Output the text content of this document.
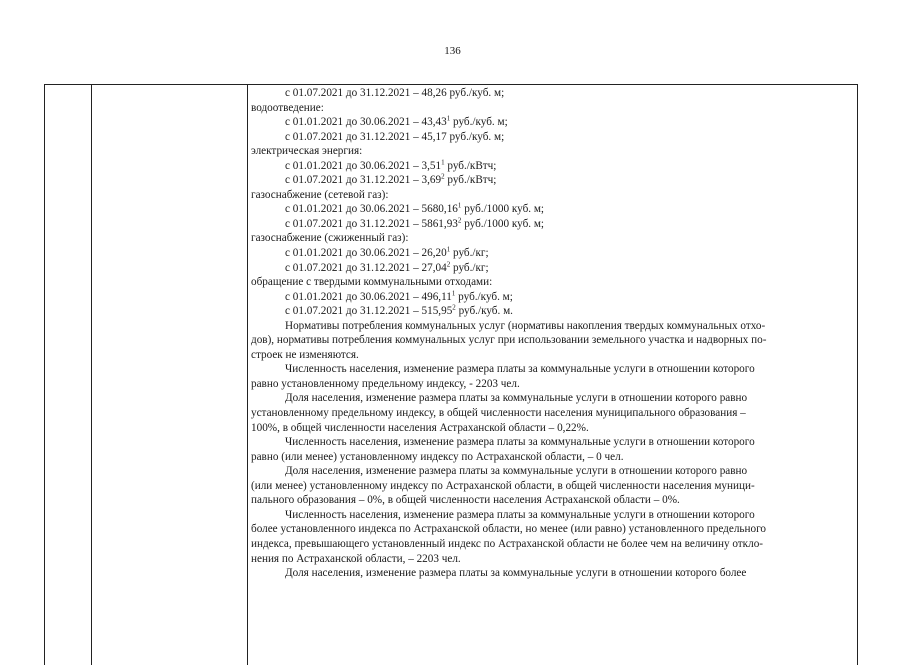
136
с 01.07.2021 до 31.12.2021 – 48,26 руб./куб. м;
водоотведение:
с 01.01.2021 до 30.06.2021 – 43,43$^1$ руб./куб. м;
с 01.07.2021 до 31.12.2021 – 45,17 руб./куб. м;
электрическая энергия:
с 01.01.2021 до 30.06.2021 – 3,51$^1$ руб./кВтч;
с 01.07.2021 до 31.12.2021 – 3,69$^2$ руб./кВтч;
газоснабжение (сетевой газ):
с 01.01.2021 до 30.06.2021 – 5680,16$^1$ руб./1000 куб. м;
с 01.07.2021 до 31.12.2021 – 5861,93$^2$ руб./1000 куб. м;
газоснабжение (сжиженный газ):
с 01.01.2021 до 30.06.2021 – 26,20$^1$ руб./кг;
с 01.07.2021 до 31.12.2021 – 27,04$^2$ руб./кг;
обращение с твердыми коммунальными отходами:
с 01.01.2021 до 30.06.2021 – 496,11$^1$ руб./куб. м;
с 01.07.2021 до 31.12.2021 – 515,95$^2$ руб./куб. м.
Нормативы потребления коммунальных услуг (нормативы накопления твердых коммунальных отхо-
дов), нормативы потребления коммунальных услуг при использовании земельного участка и надворных по-
строек не изменяются.
Численность населения, изменение размера платы за коммунальные услуги в отношении которого
равно установленному предельному индексу, - 2203 чел.
Доля населения, изменение размера платы за коммунальные услуги в отношении которого равно
установленному предельному индексу, в общей численности населения муниципального образования –
100%, в общей численности населения Астраханской области – 0,22%.
Численность населения, изменение размера платы за коммунальные услуги в отношении которого
равно (или менее) установленному индексу по Астраханской области, – 0 чел.
Доля населения, изменение размера платы за коммунальные услуги в отношении которого равно
(или менее) установленному индексу по Астраханской области, в общей численности населения муници-
пального образования – 0%, в общей численности населения Астраханской области – 0%.
Численность населения, изменение размера платы за коммунальные услуги в отношении которого
более установленного индекса по Астраханской области, но менее (или равно) установленного предельного
индекса, превышающего установленный индекс по Астраханской области не более чем на величину откло-
нения по Астраханской области, – 2203 чел.
Доля населения, изменение размера платы за коммунальные услуги в отношении которого более
